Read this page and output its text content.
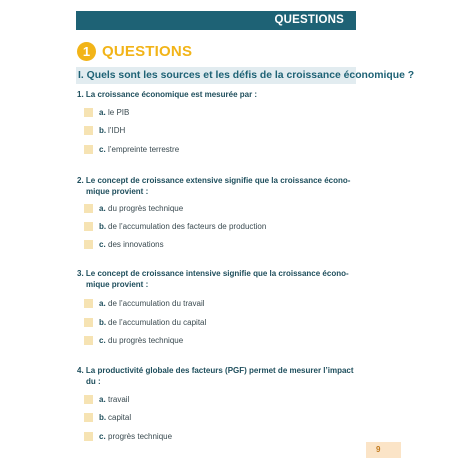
QUESTIONS
1 QUESTIONS
I. Quels sont les sources et les défis de la croissance économique ?
1. La croissance économique est mesurée par :
a. le PIB
b. l’IDH
c. l’empreinte terrestre
2. Le concept de croissance extensive signifie que la croissance écono-
mique provient :
a. du progrès technique
b. de l’accumulation des facteurs de production
c. des innovations
3. Le concept de croissance intensive signifie que la croissance écono-
mique provient :
a. de l’accumulation du travail
b. de l’accumulation du capital
c. du progrès technique
4. La productivité globale des facteurs (PGF) permet de mesurer l’impact
du :
a. travail
b. capital
c. progrès technique
9
